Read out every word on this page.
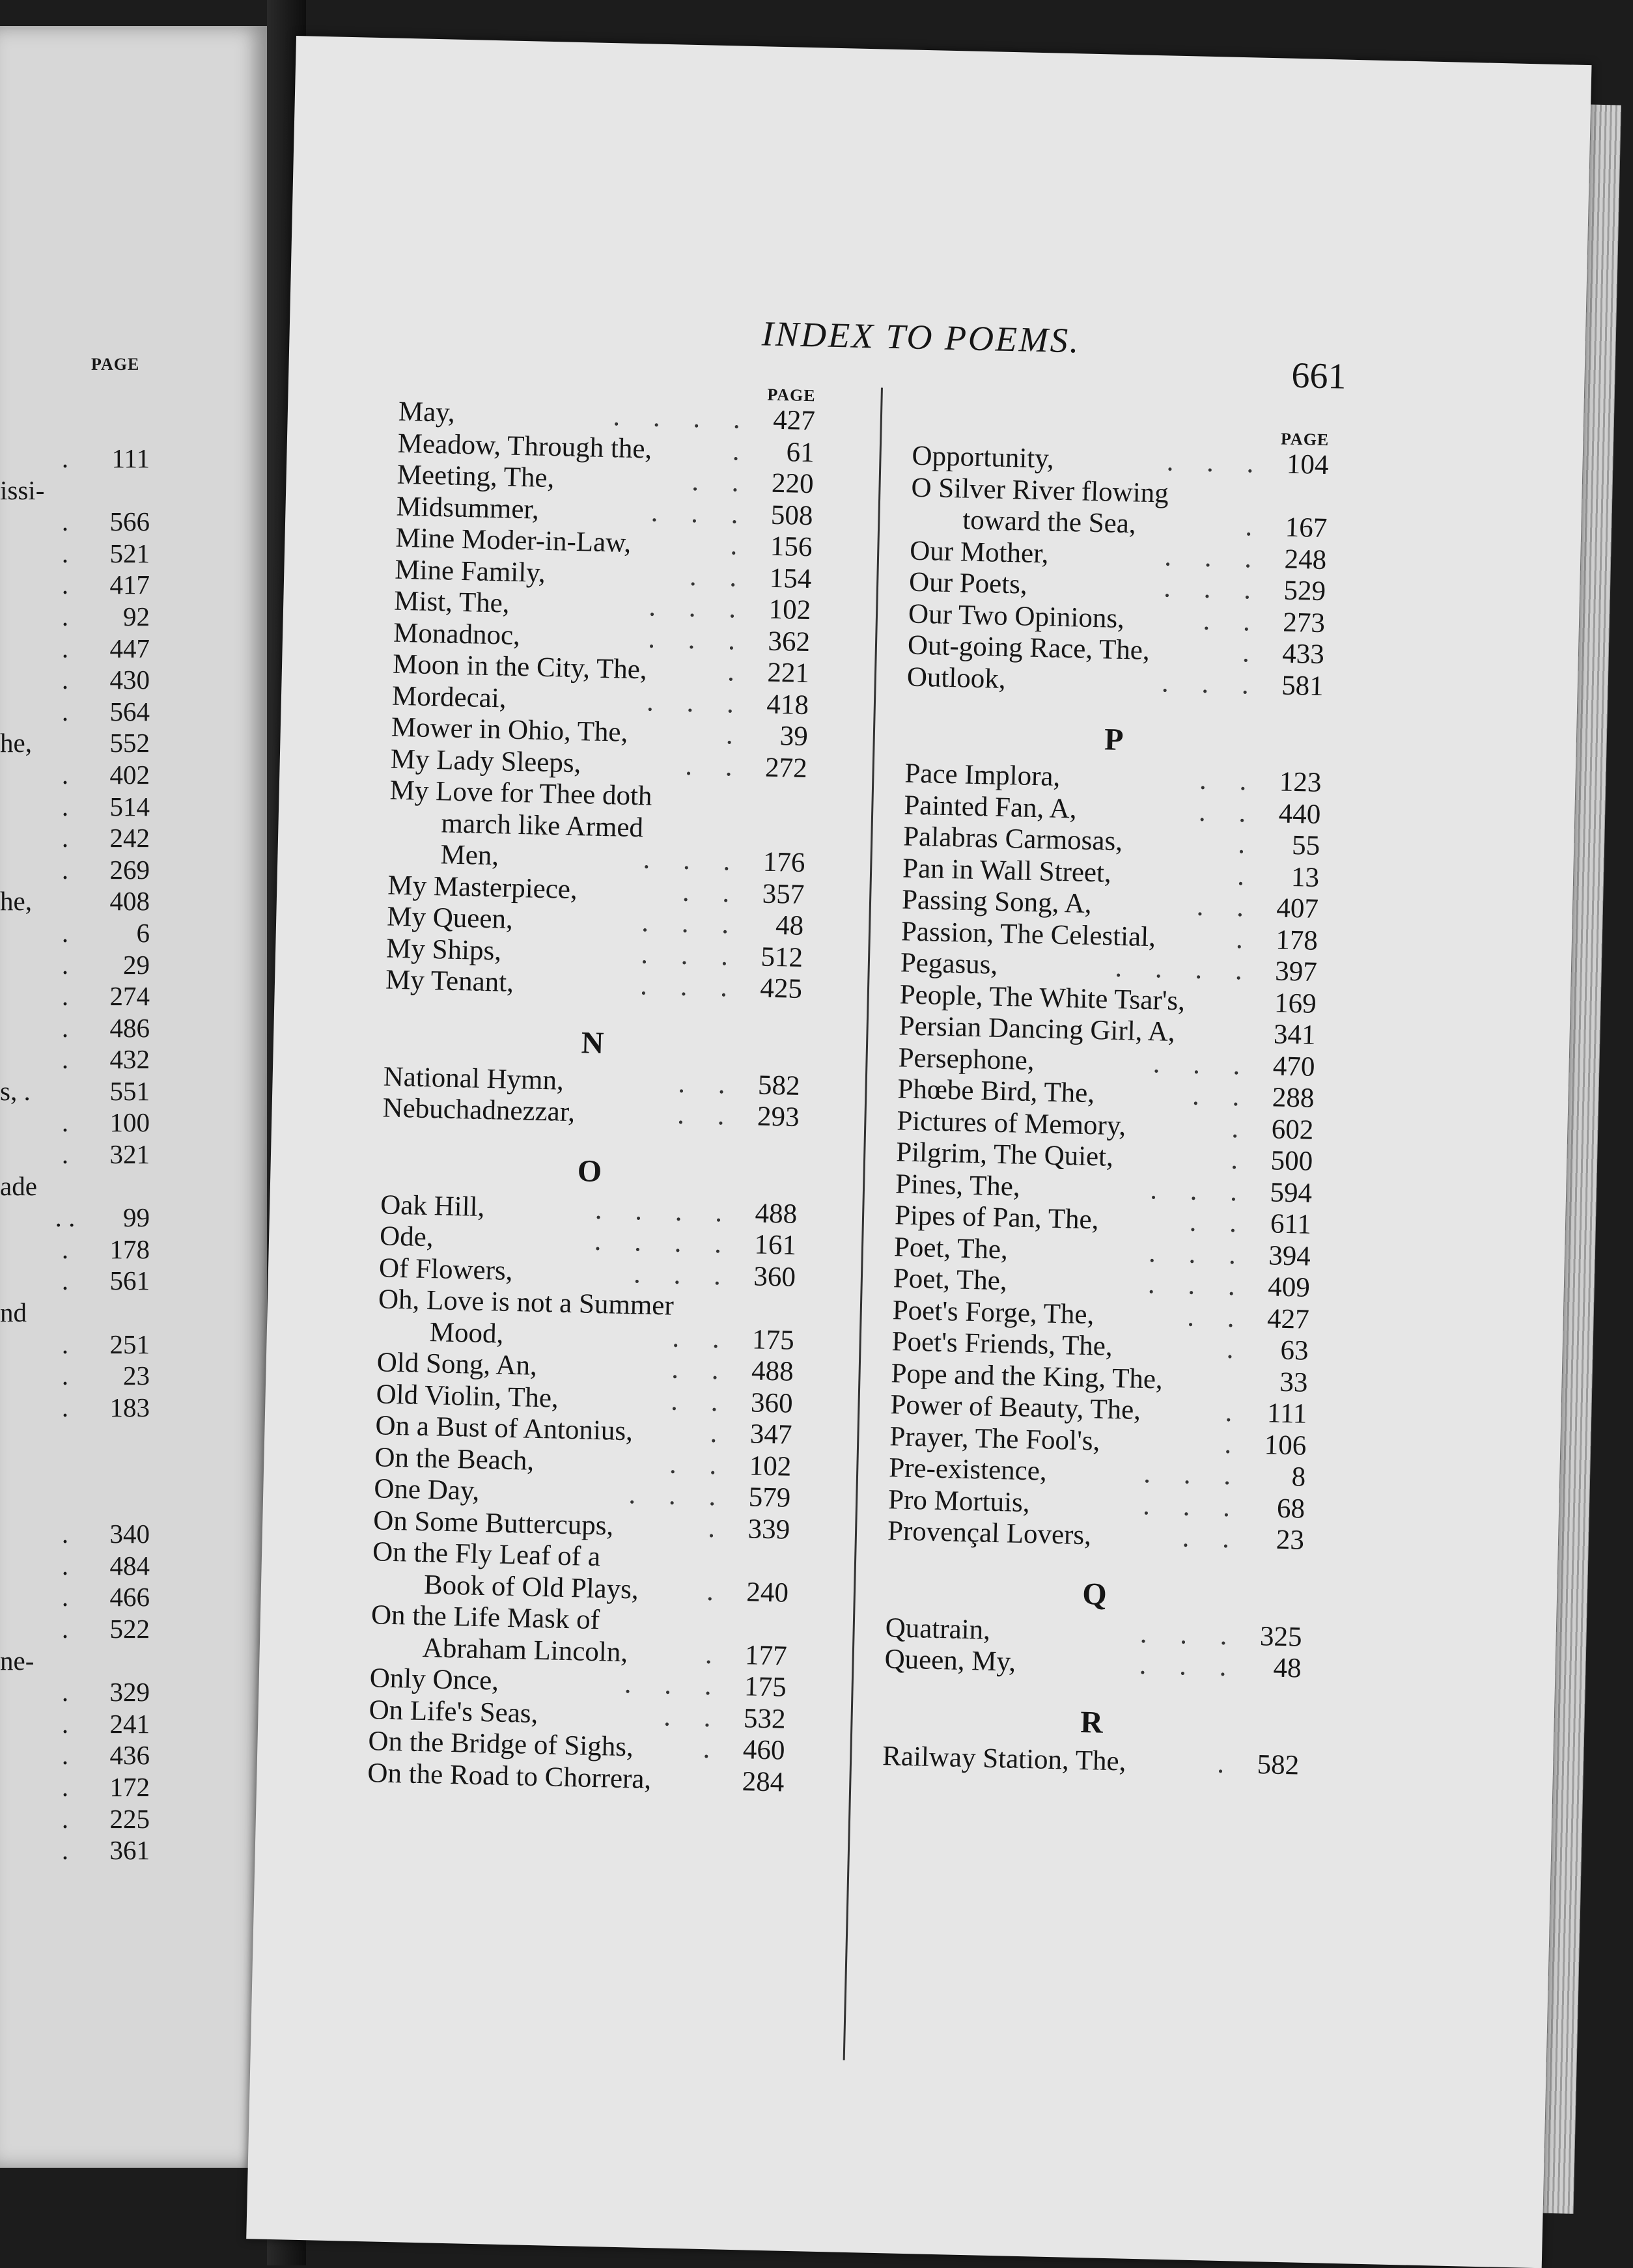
PAGE
.	111
issi-
.	566
.	521
.	417
.	92
.	447
.	430
.	564
he,	552
.	402
.	514
.	242
.	269
he,	408
.	6
.	29
.	274
.	486
.	432
s, .	551
.	100
.	321
ade
. .	99
.	178
.	561
nd
.	251
.	23
.	183
.	340
.	484
.	466
.	522
ne-
.	329
.	241
.	436
.	172
.	225
.	361
INDEX TO POEMS.
661
PAGE
May,	. . . . 427
Meadow, Through the,	.	61
Meeting, The,	. . 220
Midsummer,	. . . 508
Mine Moder-in-Law,	. 156
Mine Family,	. . 154
Mist, The,	. . . 102
Monadnoc,	. . . 362
Moon in the City, The,	. 221
Mordecai,	. . . 418
Mower in Ohio, The,	.	39
My Lady Sleeps,	. . 272
My Love for Thee doth
march like Armed
Men,	. . . 176
My Masterpiece,	. . 357
My Queen,	. . .	48
My Ships,	. . . 512
My Tenant,	. . . 425
N
National Hymn,	. . 582
Nebuchadnezzar,	. . 293
O
Oak Hill,	. . . . 488
Ode,	. . . . 161
Of Flowers,	. . . 360
Oh, Love is not a Summer
Mood,	. . 175
Old Song, An,	. . 488
Old Violin, The,	. . 360
On a Bust of Antonius,	. 347
On the Beach,	. . 102
One Day,	. . . 579
On Some Buttercups,	. 339
On the Fly Leaf of a
Book of Old Plays,	. 240
On the Life Mask of
Abraham Lincoln,	. 177
Only Once,	. . . 175
On Life's Seas,	. . 532
On the Bridge of Sighs,	. 460
On the Road to Chorrera,	284
PAGE
Opportunity,	. . . 104
O Silver River flowing
toward the Sea,	. 167
Our Mother,	. . . 248
Our Poets,	. . . 529
Our Two Opinions,	. . 273
Out-going Race, The,	. 433
Outlook,	. . . 581
P
Pace Implora,	. . 123
Painted Fan, A,	. . 440
Palabras Carmosas,	.	55
Pan in Wall Street,	.	13
Passing Song, A,	. . 407
Passion, The Celestial,	. 178
Pegasus,	. . . . 397
People, The White Tsar's,	169
Persian Dancing Girl, A,	341
Persephone,	. . . 470
Phœbe Bird, The,	. . 288
Pictures of Memory,	. 602
Pilgrim, The Quiet,	. 500
Pines, The,	. . . 594
Pipes of Pan, The,	. . 611
Poet, The,	. . . 394
Poet, The,	. . . 409
Poet's Forge, The,	. . 427
Poet's Friends, The,	.	63
Pope and the King, The,	33
Power of Beauty, The,	. 111
Prayer, The Fool's,	. 106
Pre-existence,	. . .	8
Pro Mortuis,	. . .	68
Provençal Lovers,	. .	23
Q
Quatrain,	. . . 325
Queen, My,	. . .	48
R
Railway Station, The,	. 582
